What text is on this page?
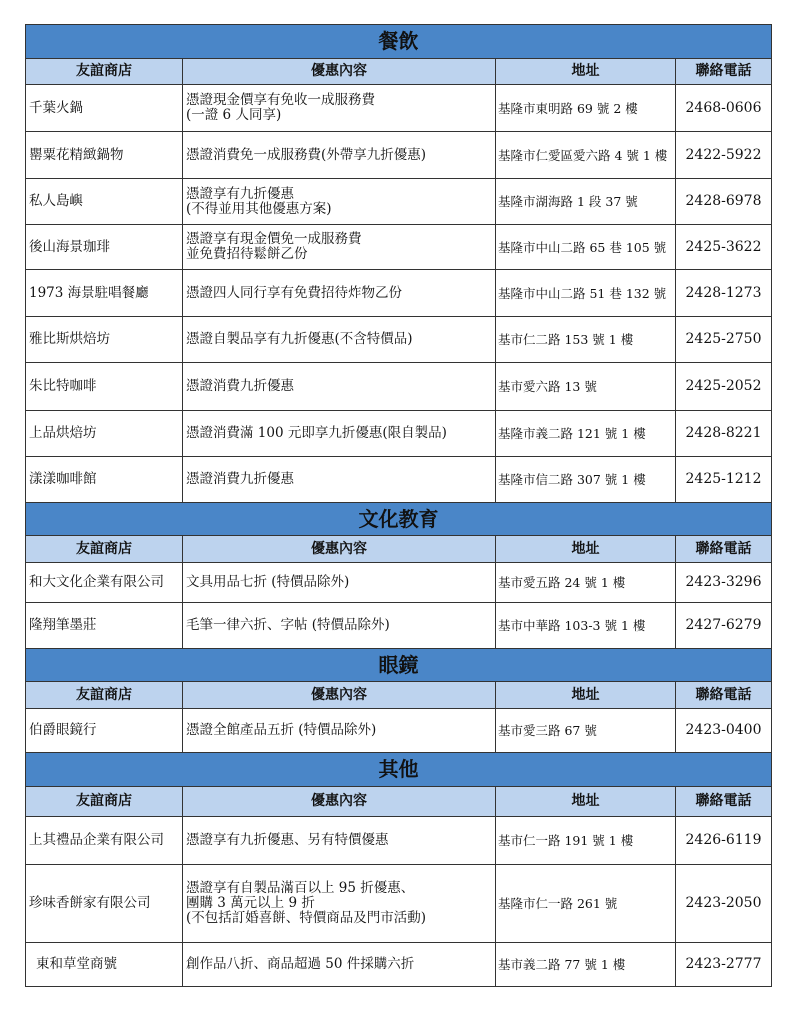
餐飲			
友誼商店	優惠內容	地址	聯絡電話
千葉火鍋	憑證現金價享有免收一成服務費
(一證 6 人同享)	基隆市東明路 69 號 2 樓	2468-0606
罌粟花精緻鍋物	憑證消費免一成服務費(外帶享九折優惠)	基隆市仁愛區愛六路 4 號 1 樓	2422-5922
私人島嶼	憑證享有九折優惠
(不得並用其他優惠方案)	基隆市湖海路 1 段 37 號	2428-6978
後山海景珈琲	憑證享有現金價免一成服務費
並免費招待鬆餅乙份	基隆市中山二路 65 巷 105 號	2425-3622
1973 海景駐唱餐廳	憑證四人同行享有免費招待炸物乙份	基隆市中山二路 51 巷 132 號	2428-1273
雅比斯烘焙坊	憑證自製品享有九折優惠(不含特價品)	基市仁二路 153 號 1 樓	2425-2750
朱比特咖啡	憑證消費九折優惠	基市愛六路 13 號	2425-2052
上品烘焙坊	憑證消費滿 100 元即享九折優惠(限自製品)	基隆市義二路 121 號 1 樓	2428-8221
漾漾咖啡館	憑證消費九折優惠	基隆市信二路 307 號 1 樓	2425-1212
文化教育			
友誼商店	優惠內容	地址	聯絡電話
和大文化企業有限公司	文具用品七折 (特價品除外)	基市愛五路 24 號 1 樓	2423-3296
隆翔筆墨莊	毛筆一律六折、字帖 (特價品除外)	基市中華路 103-3 號 1 樓	2427-6279
眼鏡			
友誼商店	優惠內容	地址	聯絡電話
伯爵眼鏡行	憑證全館產品五折 (特價品除外)	基市愛三路 67 號	2423-0400
其他			
友誼商店	優惠內容	地址	聯絡電話
上其禮品企業有限公司	憑證享有九折優惠、另有特價優惠	基市仁一路 191 號 1 樓	2426-6119
珍味香餅家有限公司	憑證享有自製品滿百以上 95 折優惠、
團購 3 萬元以上 9 折
(不包括訂婚喜餅、特價商品及門市活動)	基隆市仁一路 261 號	2423-2050
東和草堂商號	創作品八折、商品超過 50 件採購六折	基市義二路 77 號 1 樓	2423-2777
